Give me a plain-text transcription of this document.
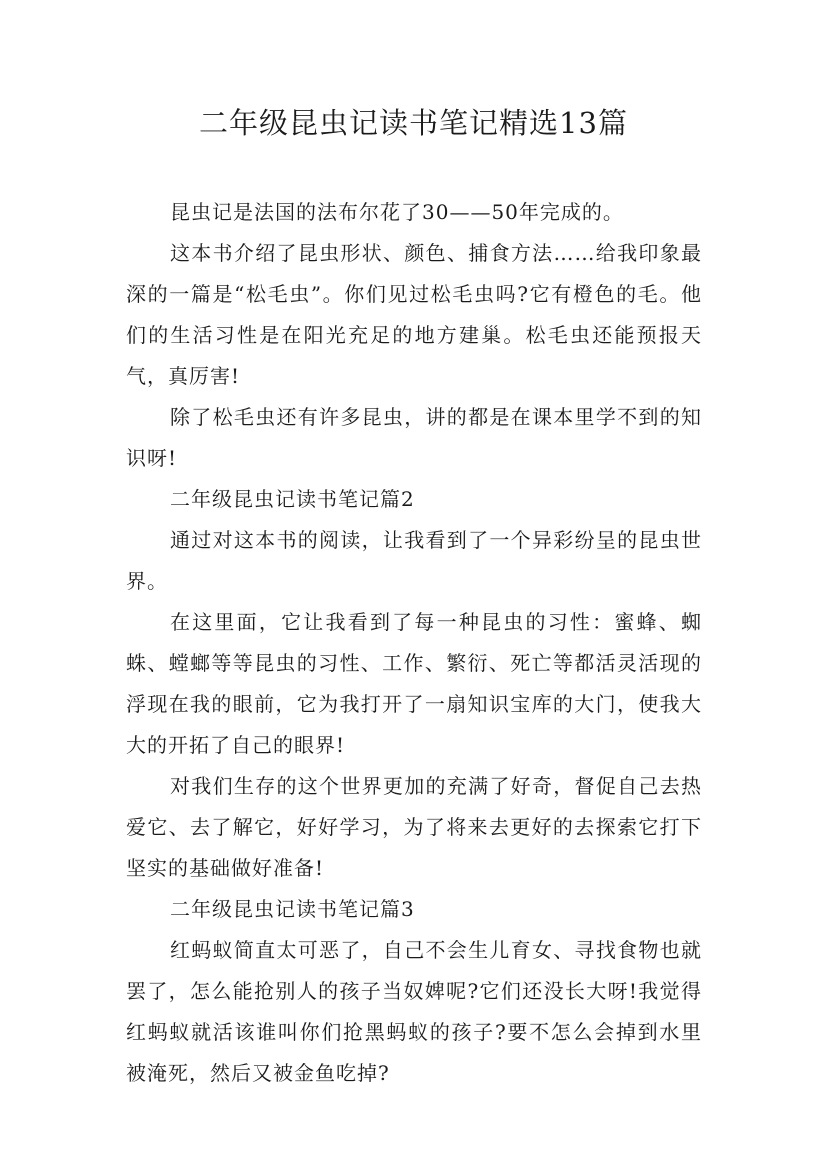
二年级昆虫记读书笔记精选13篇

昆虫记是法国的法布尔花了30——50年完成的。

这本书介绍了昆虫形状、颜色、捕食方法……给我印象最深的一篇是“松毛虫”。你们见过松毛虫吗?它有橙色的毛。他们的生活习性是在阳光充足的地方建巢。松毛虫还能预报天气，真厉害!

除了松毛虫还有许多昆虫，讲的都是在课本里学不到的知识呀!

二年级昆虫记读书笔记篇2

通过对这本书的阅读，让我看到了一个异彩纷呈的昆虫世界。

在这里面，它让我看到了每一种昆虫的习性：蜜蜂、蜘蛛、螳螂等等昆虫的习性、工作、繁衍、死亡等都活灵活现的浮现在我的眼前，它为我打开了一扇知识宝库的大门，使我大大的开拓了自己的眼界!

对我们生存的这个世界更加的充满了好奇，督促自己去热爱它、去了解它，好好学习，为了将来去更好的去探索它打下坚实的基础做好准备!

二年级昆虫记读书笔记篇3

红蚂蚁简直太可恶了，自己不会生儿育女、寻找食物也就罢了，怎么能抢别人的孩子当奴婢呢?它们还没长大呀!我觉得红蚂蚁就活该谁叫你们抢黑蚂蚁的孩子?要不怎么会掉到水里被淹死，然后又被金鱼吃掉?
